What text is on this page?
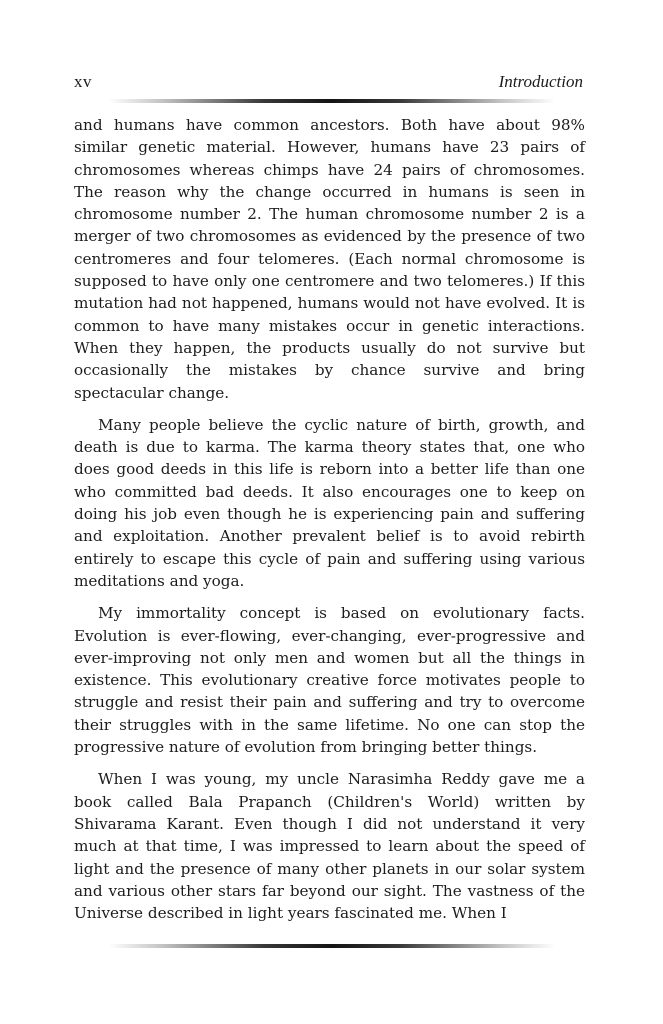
xv	Introduction

and humans have common ancestors. Both have about 98% similar genetic material. However, humans have 23 pairs of chromosomes whereas chimps have 24 pairs of chromosomes. The reason why the change occurred in humans is seen in chromosome number 2. The human chromosome number 2 is a merger of two chromosomes as evidenced by the presence of two centromeres and four telomeres. (Each normal chromosome is supposed to have only one centromere and two telomeres.) If this mutation had not happened, humans would not have evolved. It is common to have many mistakes occur in genetic interactions. When they happen, the products usually do not survive but occasionally the mistakes by chance survive and bring spectacular change.

Many people believe the cyclic nature of birth, growth, and death is due to karma. The karma theory states that, one who does good deeds in this life is reborn into a better life than one who committed bad deeds. It also encourages one to keep on doing his job even though he is experiencing pain and suffering and exploitation. Another prevalent belief is to avoid rebirth entirely to escape this cycle of pain and suffering using various meditations and yoga.

My immortality concept is based on evolutionary facts. Evolution is ever-flowing, ever-changing, ever-progressive and ever-improving not only men and women but all the things in existence. This evolutionary creative force motivates people to struggle and resist their pain and suffering and try to overcome their struggles with in the same lifetime. No one can stop the progressive nature of evolution from bringing better things.

When I was young, my uncle Narasimha Reddy gave me a book called Bala Prapanch (Children's World) written by Shivarama Karant. Even though I did not understand it very much at that time, I was impressed to learn about the speed of light and the presence of many other planets in our solar system and various other stars far beyond our sight. The vastness of the Universe described in light years fascinated me. When I
